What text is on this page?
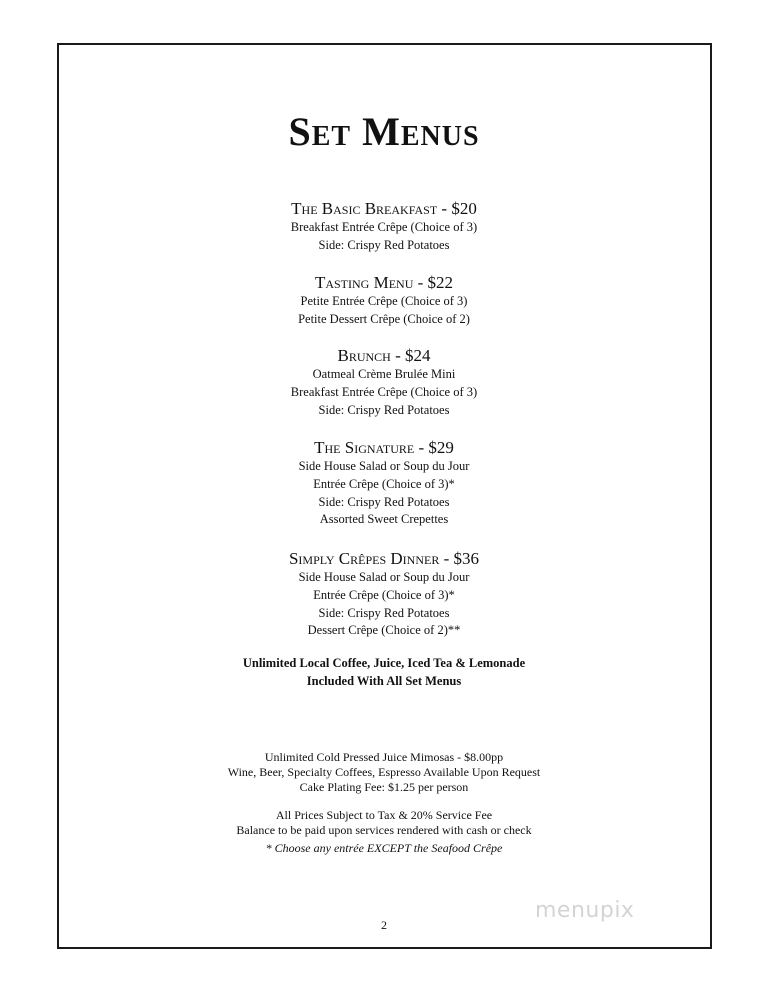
Set Menus

The Basic Breakfast - $20

Breakfast Entrée Crêpe (Choice of 3)

Side: Crispy Red Potatoes

Tasting Menu - $22

Petite Entrée Crêpe (Choice of 3)

Petite Dessert Crêpe (Choice of 2)

Brunch - $24

Oatmeal Crème Brulée Mini

Breakfast Entrée Crêpe (Choice of 3)

Side: Crispy Red Potatoes

The Signature - $29

Side House Salad or Soup du Jour

Entrée Crêpe (Choice of 3)*

Side: Crispy Red Potatoes

Assorted Sweet Crepettes

Simply Crêpes Dinner - $36

Side House Salad or Soup du Jour

Entrée Crêpe (Choice of 3)*

Side: Crispy Red Potatoes

Dessert Crêpe (Choice of 2)**

Unlimited Local Coffee, Juice, Iced Tea & Lemonade

Included With All Set Menus

Unlimited Cold Pressed Juice Mimosas - $8.00pp

Wine, Beer, Specialty Coffees, Espresso Available Upon Request

Cake Plating Fee: $1.25 per person

All Prices Subject to Tax & 20% Service Fee

Balance to be paid upon services rendered with cash or check

* Choose any entrée EXCEPT the Seafood Crêpe

menupix
2
